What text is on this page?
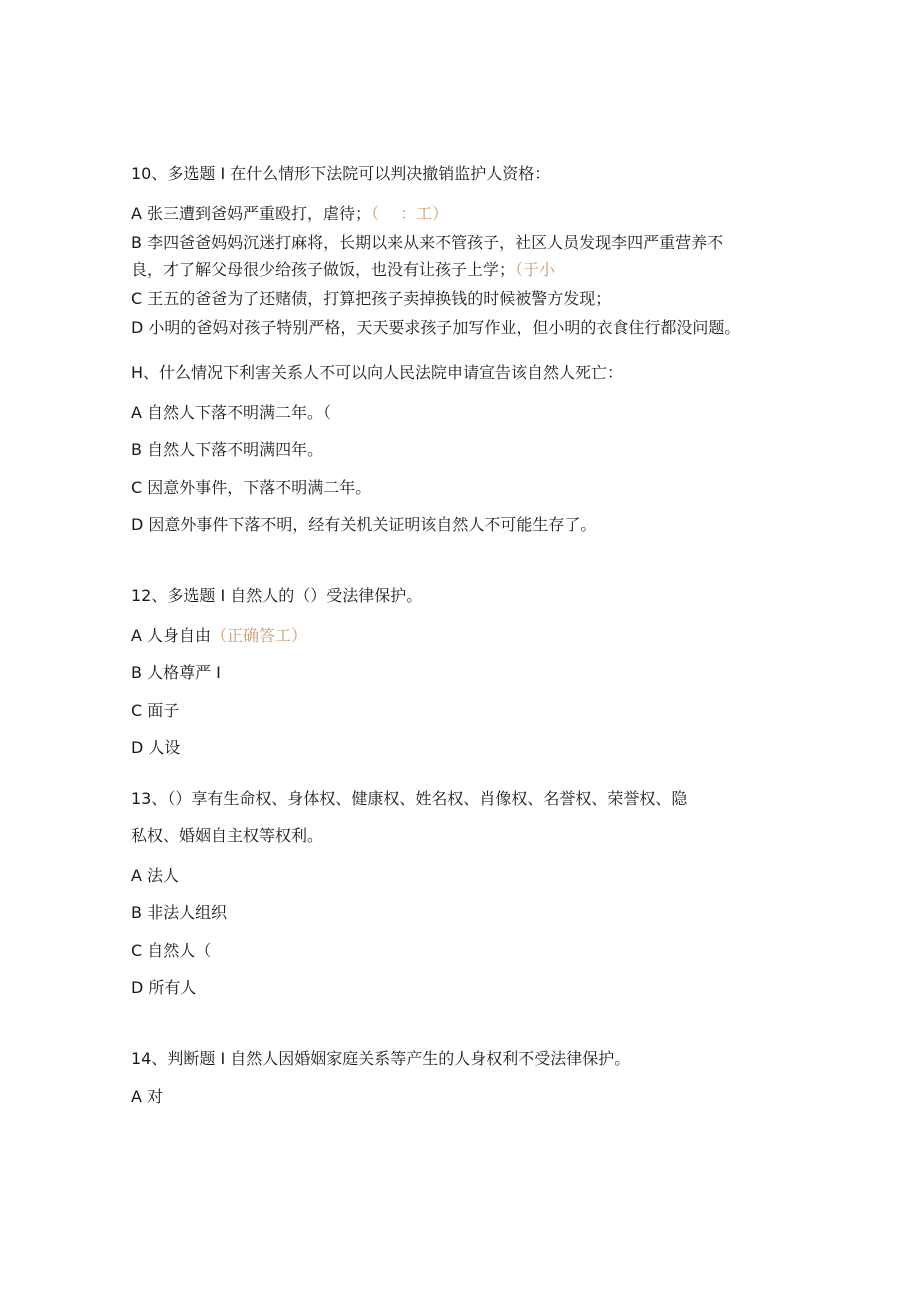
10、多选题 I 在什么情形下法院可以判决撤销监护人资格：
A 张三遭到爸妈严重殴打，虐待；（　 ：工）
B 李四爸爸妈妈沉迷打麻将，长期以来从来不管孩子，社区人员发现李四严重营养不
良，才了解父母很少给孩子做饭，也没有让孩子上学；（于小
C 王五的爸爸为了还赌债，打算把孩子卖掉换钱的时候被警方发现；
D 小明的爸妈对孩子特别严格，天天要求孩子加写作业，但小明的衣食住行都没问题。
H、什么情况下利害关系人不可以向人民法院申请宣告该自然人死亡：
A 自然人下落不明满二年。（
B 自然人下落不明满四年。
C 因意外事件，下落不明满二年。
D 因意外事件下落不明，经有关机关证明该自然人不可能生存了。
12、多选题 I 自然人的（）受法律保护。
A 人身自由（正确答工）
B 人格尊严 I
C 面子
D 人设
13、（）享有生命权、身体权、健康权、姓名权、肖像权、名誉权、荣誉权、隐
私权、婚姻自主权等权利。
A 法人
B 非法人组织
C 自然人（
D 所有人
14、判断题 I 自然人因婚姻家庭关系等产生的人身权利不受法律保护。
A 对
